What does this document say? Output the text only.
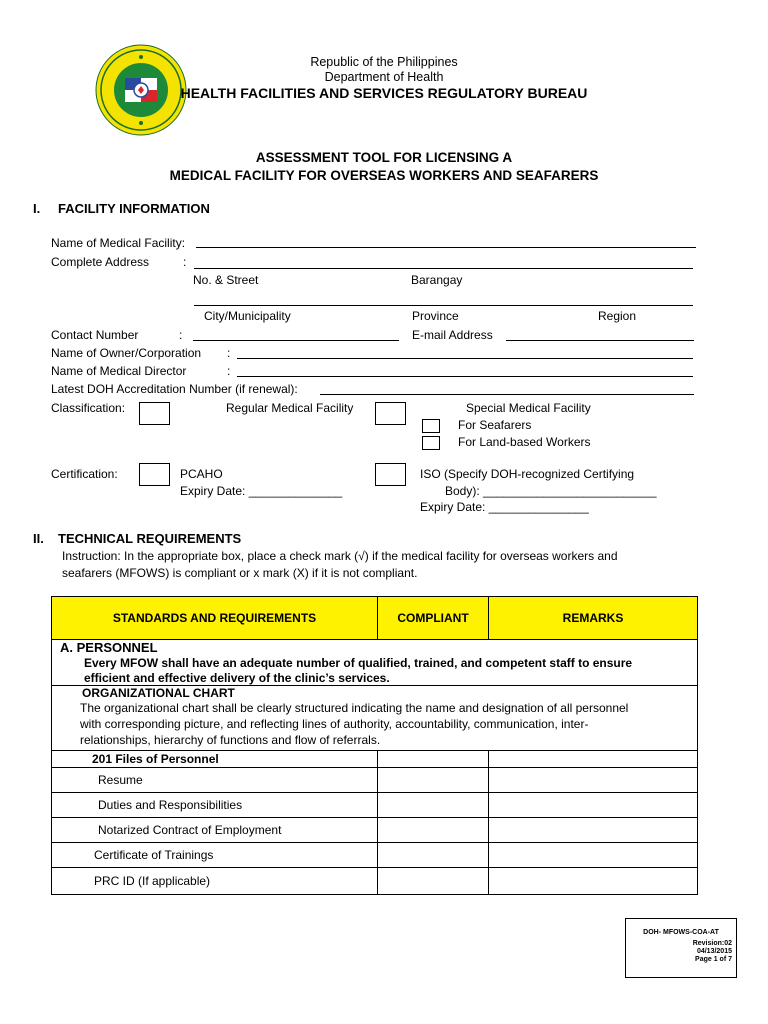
Republic of the Philippines
Department of Health
HEALTH FACILITIES AND SERVICES REGULATORY BUREAU
ASSESSMENT TOOL FOR LICENSING A
MEDICAL FACILITY FOR OVERSEAS WORKERS AND SEAFARERS
I. FACILITY INFORMATION
Name of Medical Facility:
Complete Address	:
No. & Street	Barangay
City/Municipality	Province	Region
Contact Number	:	E-mail Address
Name of Owner/Corporation :
Name of Medical Director	:
Latest DOH Accreditation Number (if renewal):
Classification:	Regular Medical Facility	Special Medical Facility
For Seafarers
For Land-based Workers
Certification:	PCAHO
Expiry Date: ______________
ISO (Specify DOH-recognized Certifying
Body): __________________________
Expiry Date: _______________
II. TECHNICAL REQUIREMENTS
Instruction: In the appropriate box, place a check mark (√) if the medical facility for overseas workers and
seafarers (MFOWS) is compliant or x mark (X) if it is not compliant.
STANDARDS AND REQUIREMENTS	COMPLIANT	REMARKS

A. PERSONNEL
Every MFOW shall have an adequate number of qualified, trained, and competent staff to ensure
efficient and effective delivery of the clinic’s services.		

ORGANIZATIONAL CHART
The organizational chart shall be clearly structured indicating the name and designation of all personnel
with corresponding picture, and reflecting lines of authority, accountability, communication, inter-
relationships, hierarchy of functions and flow of referrals.		

201 Files of Personnel		
Resume		
Duties and Responsibilities		
Notarized Contract of Employment		
Certificate of Trainings		
PRC ID (If applicable)		
DOH- MFOWS-COA-AT
Revision:02
04/13/2015
Page 1 of 7
